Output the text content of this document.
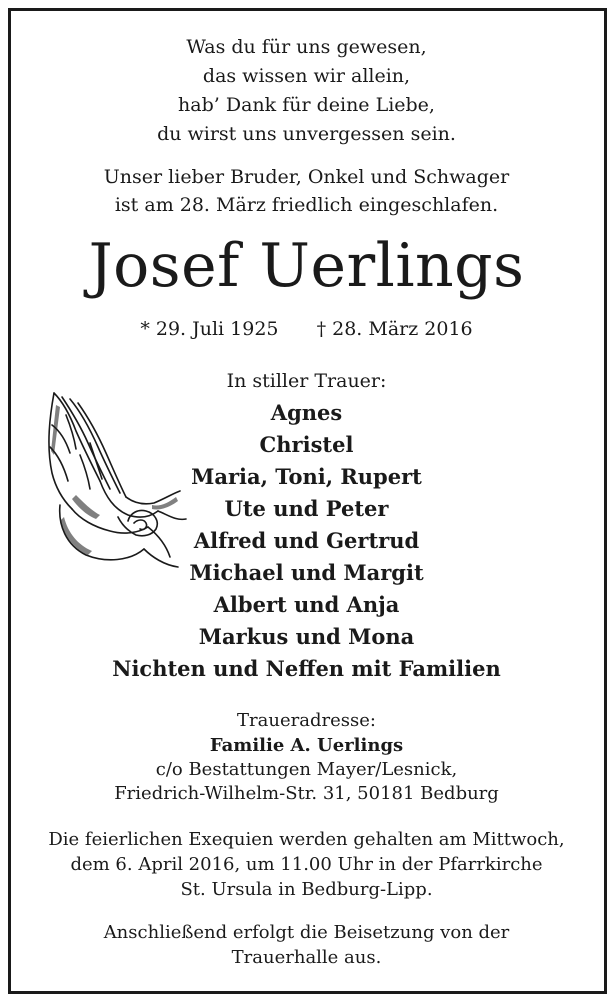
Was du für uns gewesen,
das wissen wir allein,
hab’ Dank für deine Liebe,
du wirst uns unvergessen sein.
Unser lieber Bruder, Onkel und Schwager
ist am 28. März friedlich eingeschlafen.
Josef Uerlings
* 29. Juli 1925 † 28. März 2016
In stiller Trauer:
Agnes
Christel
Maria, Toni, Rupert
Ute und Peter
Alfred und Gertrud
Michael und Margit
Albert und Anja
Markus und Mona
Nichten und Neffen mit Familien
Traueradresse:
Familie A. Uerlings
c/o Bestattungen Mayer/Lesnick,
Friedrich-Wilhelm-Str. 31, 50181 Bedburg
Die feierlichen Exequien werden gehalten am Mittwoch,
dem 6. April 2016, um 11.00 Uhr in der Pfarrkirche
St. Ursula in Bedburg-Lipp.
Anschließend erfolgt die Beisetzung von der
Trauerhalle aus.
